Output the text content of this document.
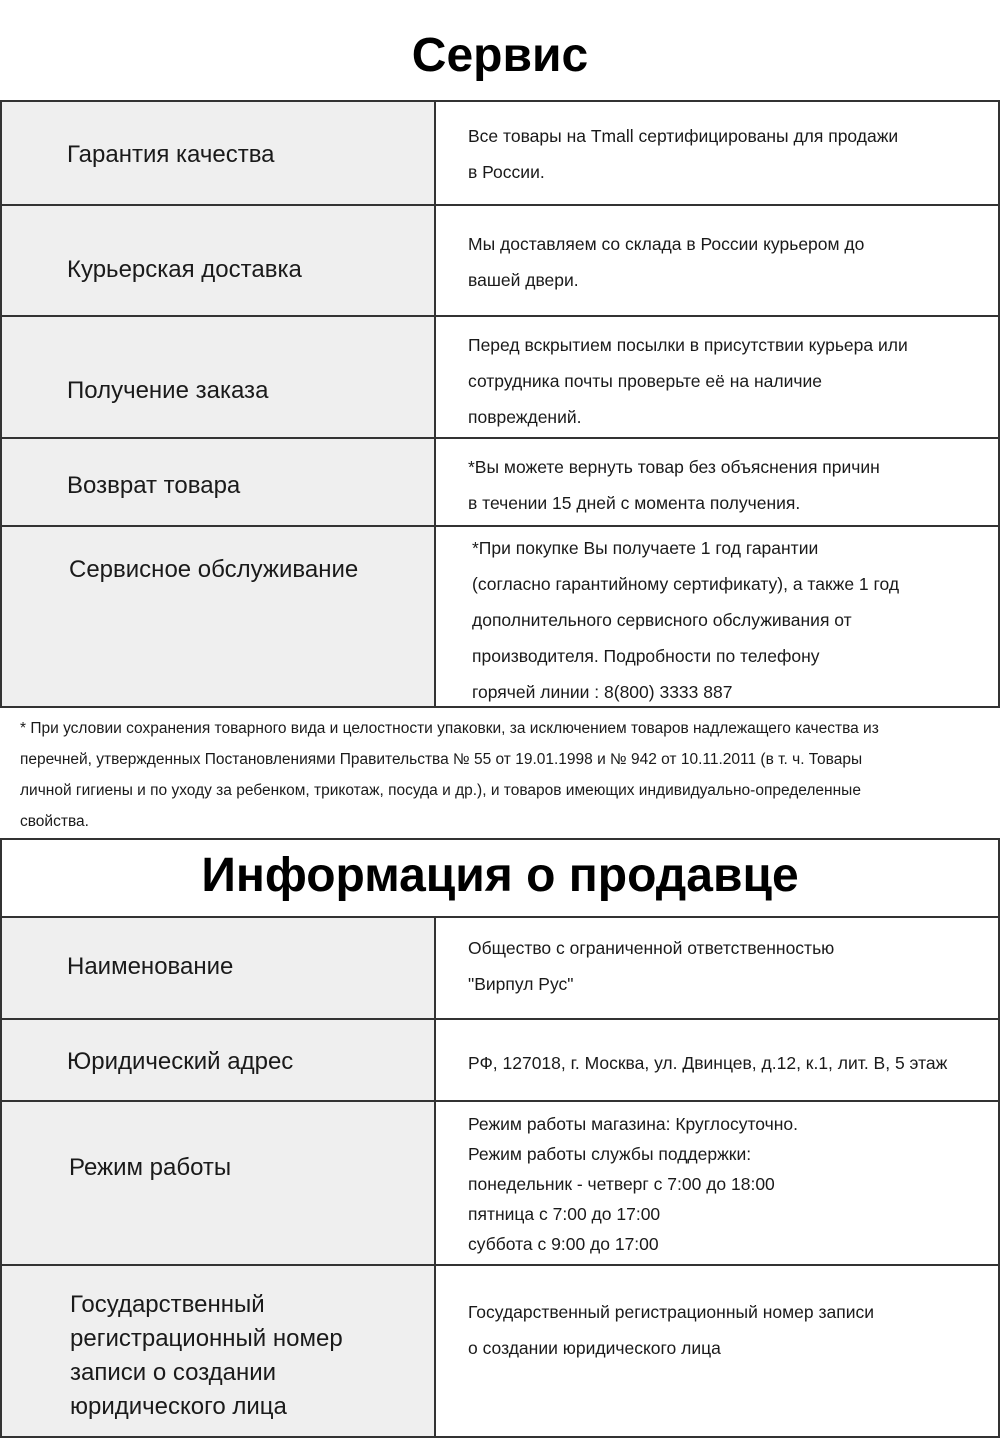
Сервис
Гарантия качества
Все товары на Tmall сертифицированы для продажи
в России.
Курьерская доставка
Мы доставляем со склада в России курьером до
вашей двери.
Получение заказа
Перед вскрытием посылки в присутствии курьера или
сотрудника почты проверьте её на наличие
повреждений.
Возврат товара
*Вы можете вернуть товар без объяснения причин
в течении 15 дней с момента получения.
Сервисное обслуживание
*При покупке Вы получаете 1 год гарантии
(согласно гарантийному сертификату), а также 1 год
дополнительного сервисного обслуживания от
производителя. Подробности по телефону
горячей линии : 8(800) 3333 887
* При условии сохранения товарного вида и целостности упаковки, за исключением товаров надлежащего качества из
перечней, утвержденных Постановлениями Правительства № 55 от 19.01.1998 и № 942 от 10.11.2011 (в т. ч. Товары
личной гигиены и по уходу за ребенком, трикотаж, посуда и др.), и товаров имеющих индивидуально-определенные
свойства.
Информация о продавце
Наименование
Общество с ограниченной ответственностью
"Вирпул Рус"
Юридический адрес	РФ, 127018, г. Москва, ул. Двинцев, д.12, к.1, лит. B, 5 этаж
Режим работы
Режим работы магазина: Круглосуточно.
Режим работы службы поддержки:
понедельник - четверг с 7:00 до 18:00
пятница с 7:00 до 17:00
суббота с 9:00 до 17:00
Государственный
регистрационный номер
записи о создании
юридического лица
Государственный регистрационный номер записи
о создании юридического лица
